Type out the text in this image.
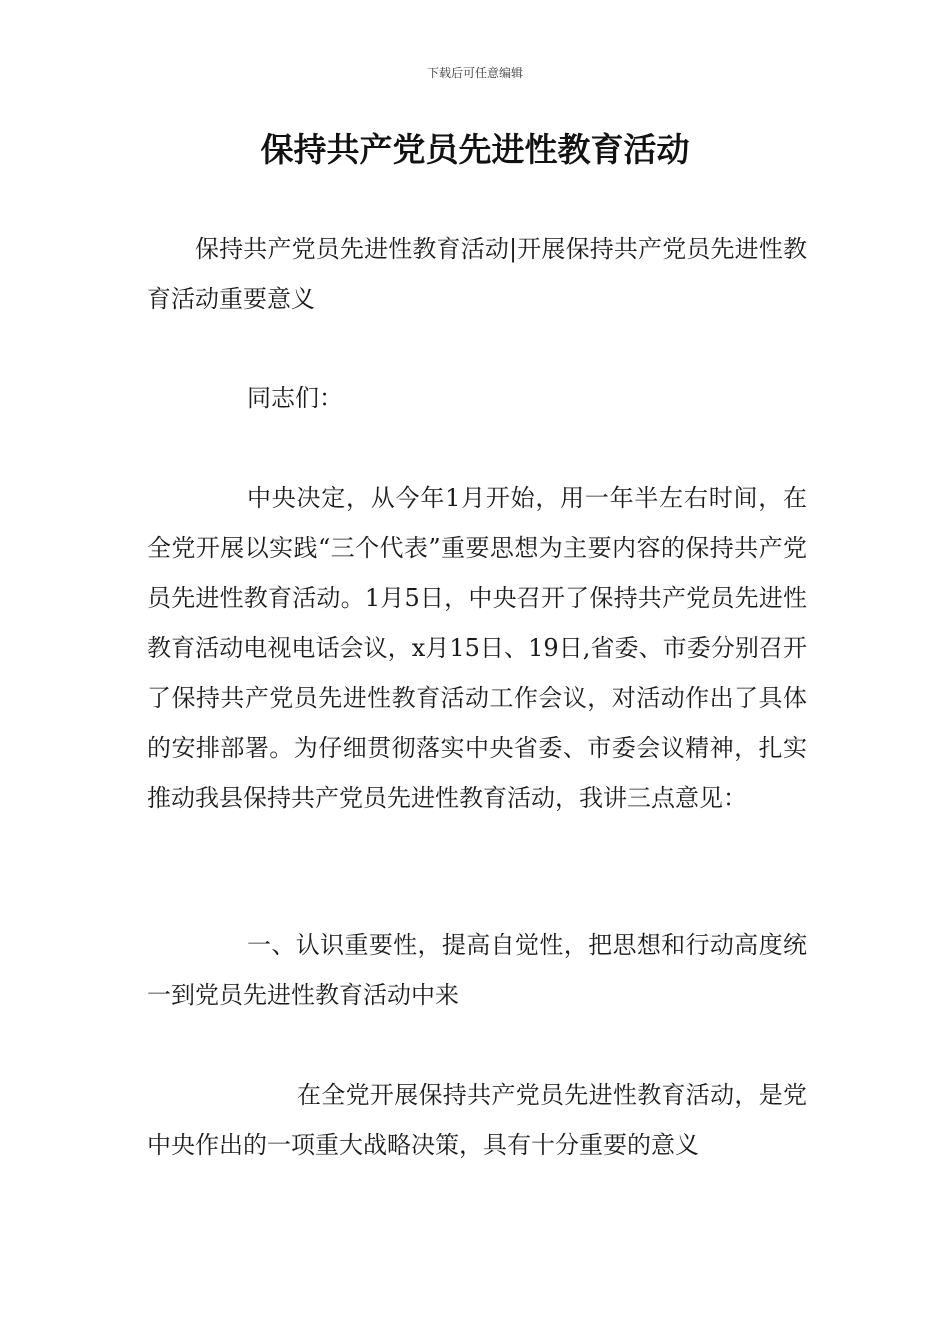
下载后可任意编辑
保持共产党员先进性教育活动

保持共产党员先进性教育活动|开展保持共产党员先进性教育活动重要意义

同志们：

中央决定，从今年1月开始，用一年半左右时间，在全党开展以实践“三个代表”重要思想为主要内容的保持共产党员先进性教育活动。1月5日，中央召开了保持共产党员先进性教育活动电视电话会议，x月15日、19日,省委、市委分别召开了保持共产党员先进性教育活动工作会议，对活动作出了具体的安排部署。为仔细贯彻落实中央省委、市委会议精神，扎实推动我县保持共产党员先进性教育活动，我讲三点意见：

一、认识重要性，提高自觉性，把思想和行动高度统一到党员先进性教育活动中来

在全党开展保持共产党员先进性教育活动，是党中央作出的一项重大战略决策，具有十分重要的意义
